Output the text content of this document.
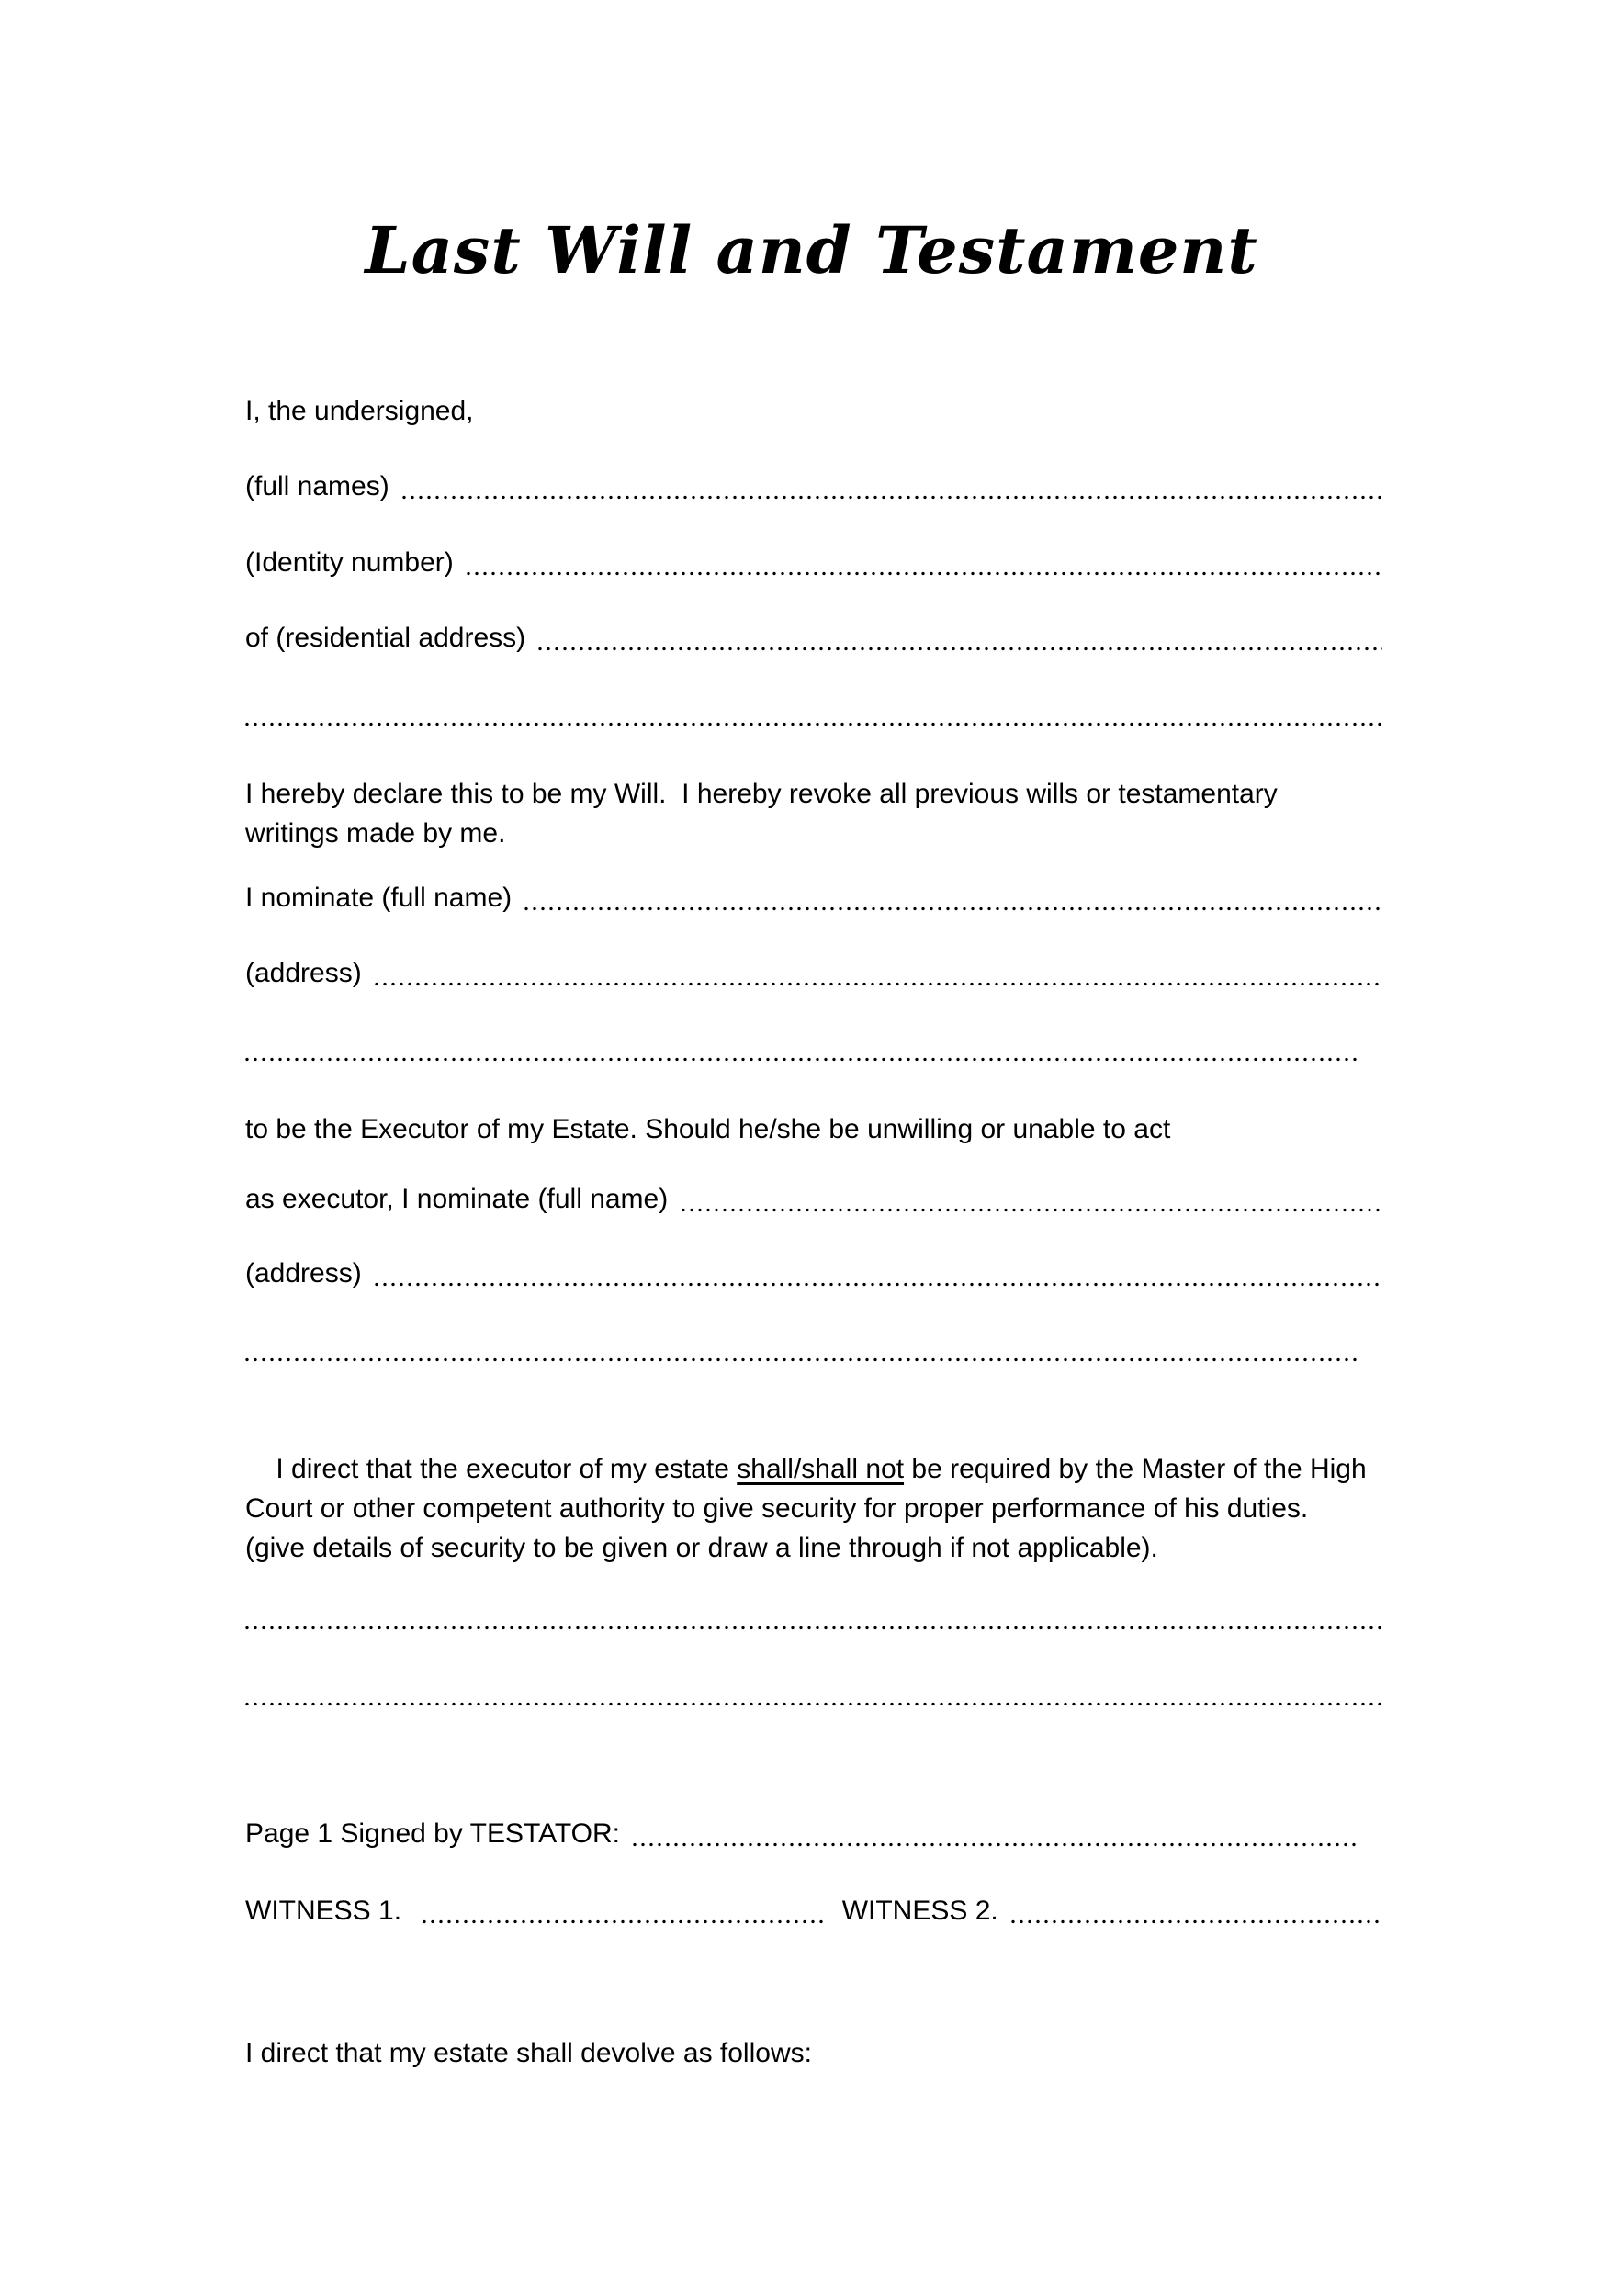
Last Will and Testament
I, the undersigned,
(full names)
(Identity number)
of (residential address)
I hereby declare this to be my Will.  I hereby revoke all previous wills or testamentary writings made by me.
I nominate (full name)
(address)
to be the Executor of my Estate. Should he/she be unwilling or unable to act
as executor, I nominate (full name)
(address)

I direct that the executor of my estate shall/shall not be required by the Master of the High Court or other competent authority to give security for proper performance of his duties. (give details of security to be given or draw a line through if not applicable).

Page 1 Signed by TESTATOR:
WITNESS 1.	WITNESS 2.
I direct that my estate shall devolve as follows:
